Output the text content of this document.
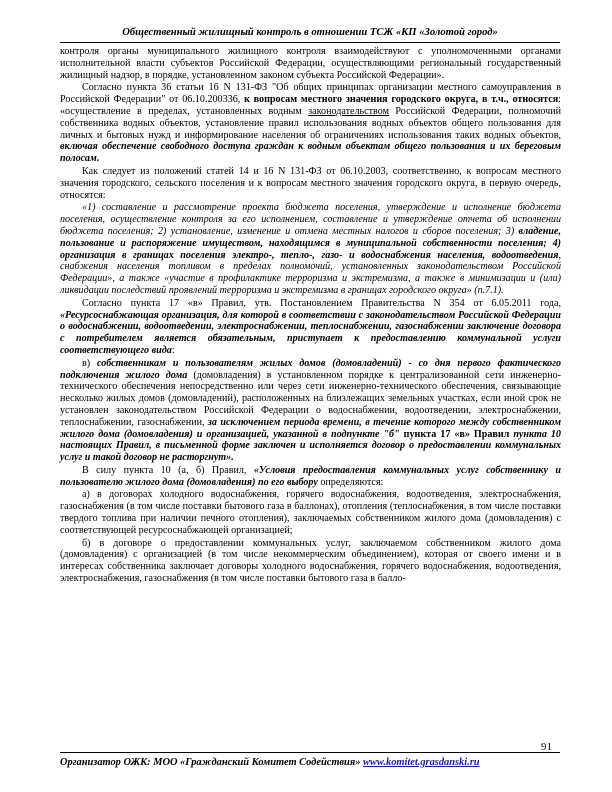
Общественный жилищный контроль в отношении ТСЖ «КП «Золотой город»

контроля органы муниципального жилищного контроля взаимодействуют с уполномоченными органами исполнительной власти субъектов Российской Федерации, осуществляющими региональный государственный жилищный надзор, в порядке, установленном законом субъекта Российской Федерации».

Согласно пункта 36 статьи 16 N 131-ФЗ "Об общих принципах организации местного самоуправления в Российской Федерации" от 06.10.200336, к вопросам местного значения городского округа, в т.ч., относятся: «осуществление в пределах, установленных водным законодательством Российской Федерации, полномочий собственника водных объектов, установление правил использования водных объектов общего пользования для личных и бытовых нужд и информирование населения об ограничениях использования таких водных объектов, включая обеспечение свободного доступа граждан к водным объектам общего пользования и их береговым полосам.

Как следует из положений статей 14 и 16 N 131-ФЗ от 06.10.2003, соответственно, к вопросам местного значения городского, сельского поселения и к вопросам местного значения городского округа, в первую очередь, относятся:

«1) составление и рассмотрение проекта бюджета поселения, утверждение и исполнение бюджета поселения, осуществление контроля за его исполнением, составление и утверждение отчета об исполнении бюджета поселения; 2) установление, изменение и отмена местных налогов и сборов поселения; 3) владение, пользование и распоряжение имуществом, находящимся в муниципальной собственности поселения; 4) организация в границах поселения электро-, тепло-, газо- и водоснабжения населения, водоотведения, снабжения населения топливом в пределах полномочий, установленных законодательством Российской Федерации», а также «участие в профилактике терроризма и экстремизма, а также в минимизации и (или) ликвидации последствий проявлений терроризма и экстремизма в границах городского округа» (п.7.1).

Согласно пункта 17 «в» Правил, утв. Постановлением Правительства N 354 от 6.05.2011 года, «Ресурсоснабжающая организация, для которой в соответствии с законодательством Российской Федерации о водоснабжении, водоотведении, электроснабжении, теплоснабжении, газоснабжении заключение договора с потребителем является обязательным, приступает к предоставлению коммунальной услуги соответствующего вида:

в) собственникам и пользователям жилых домов (домовладений) - со дня первого фактического подключения жилого дома (домовладения) в установленном порядке к централизованной сети инженерно-технического обеспечения непосредственно или через сети инженерно-технического обеспечения, связывающие несколько жилых домов (домовладений), расположенных на близлежащих земельных участках, если иной срок не установлен законодательством Российской Федерации о водоснабжении, водоотведении, электроснабжении, теплоснабжении, газоснабжении, за исключением периода времени, в течение которого между собственником жилого дома (домовладения) и организацией, указанной в подпункте "б" пункта 17 «в» Правил пункта 10 настоящих Правил, в письменной форме заключен и исполняется договор о предоставлении коммунальных услуг и такой договор не расторгнут».

В силу пункта 10 (а, б) Правил, «Условия предоставления коммунальных услуг собственнику и пользователю жилого дома (домовладения) по его выбору определяются:

а) в договорах холодного водоснабжения, горячего водоснабжения, водоотведения, электроснабжения, газоснабжения (в том числе поставки бытового газа в баллонах), отопления (теплоснабжения, в том числе поставки твердого топлива при наличии печного отопления), заключаемых собственником жилого дома (домовладения) с соответствующей ресурсоснабжающей организацией;

б) в договоре о предоставлении коммунальных услуг, заключаемом собственником жилого дома (домовладения) с организацией (в том числе некоммерческим объединением), которая от своего имени и в интересах собственника заключает договоры холодного водоснабжения, горячего водоснабжения, водоотведения, электроснабжения, газоснабжения (в том числе поставки бытового газа в балло-

91
Организатор ОЖК: МОО «Гражданский Комитет Содействия» www.komitet.grasdanski.ru
